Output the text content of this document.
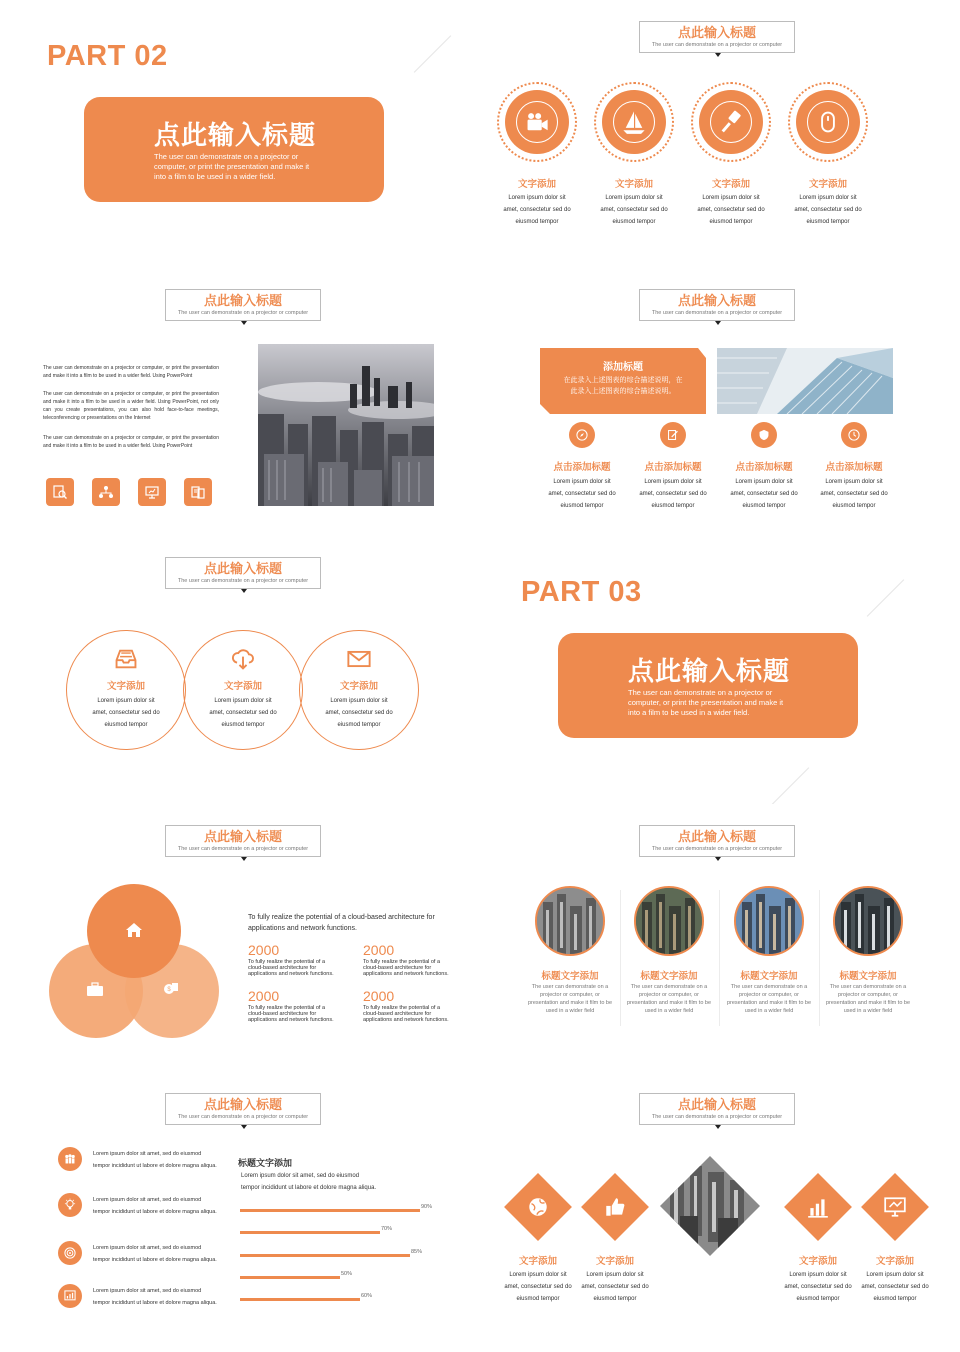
PART 02
点此输入标题
The user can demonstrate on a projector or computer, or print the presentation and make it into a film to be used in a wider field.
点此输入标题
The user can demonstrate on a projector or computer
文字添加
Lorem ipsum dolor sit
amet, consectetur sed do
eiusmod tempor
文字添加
Lorem ipsum dolor sit
amet, consectetur sed do
eiusmod tempor
文字添加
Lorem ipsum dolor sit
amet, consectetur sed do
eiusmod tempor
文字添加
Lorem ipsum dolor sit
amet, consectetur sed do
eiusmod tempor
点此输入标题
The user can demonstrate on a projector or computer
The user can demonstrate on a projector or computer, or print the presentation and make it into a film to be used in a wider field. Using PowerPoint
The user can demonstrate on a projector or computer, or print the presentation and make it into a film to be used in a wider field. Using PowerPoint, not only can you create presentations, you can also hold face-to-face meetings, teleconferencing or presentations on the Internet
The user can demonstrate on a projector or computer, or print the presentation and make it into a film to be used in a wider field. Using PowerPoint
点此输入标题
The user can demonstrate on a projector or computer
添加标题
在此录入上述图表的综合描述说明，在
此录入上述图表的综合描述说明。
点击添加标题
Lorem ipsum dolor sit
amet, consectetur sed do
eiusmod tempor
点击添加标题
Lorem ipsum dolor sit
amet, consectetur sed do
eiusmod tempor
点击添加标题
Lorem ipsum dolor sit
amet, consectetur sed do
eiusmod tempor
点击添加标题
Lorem ipsum dolor sit
amet, consectetur sed do
eiusmod tempor
点此输入标题
The user can demonstrate on a projector or computer
文字添加
Lorem ipsum dolor sit
amet, consectetur sed do
eiusmod tempor
文字添加
Lorem ipsum dolor sit
amet, consectetur sed do
eiusmod tempor
文字添加
Lorem ipsum dolor sit
amet, consectetur sed do
eiusmod tempor
PART 03
点此输入标题
The user can demonstrate on a projector or computer, or print the presentation and make it into a film to be used in a wider field.
点此输入标题
The user can demonstrate on a projector or computer
$
To fully realize the potential of a cloud-based architecture for applications and network functions.
2000
To fully realize the potential of a cloud-based architecture for applications and network functions.
2000
To fully realize the potential of a cloud-based architecture for applications and network functions.
2000
To fully realize the potential of a cloud-based architecture for applications and network functions.
2000
To fully realize the potential of a cloud-based architecture for applications and network functions.
点此输入标题
The user can demonstrate on a projector or computer
标题文字添加
The user can demonstrate on a projector or computer, or presentation and make it film to be used in a wider field
标题文字添加
The user can demonstrate on a projector or computer, or presentation and make it film to be used in a wider field
标题文字添加
The user can demonstrate on a projector or computer, or presentation and make it film to be used in a wider field
标题文字添加
The user can demonstrate on a projector or computer, or presentation and make it film to be used in a wider field
点此输入标题
The user can demonstrate on a projector or computer
Lorem ipsum dolor sit amet, sed do eiusmod
tempor incididunt ut labore et dolore magna aliqua.
Lorem ipsum dolor sit amet, sed do eiusmod
tempor incididunt ut labore et dolore magna aliqua.
Lorem ipsum dolor sit amet, sed do eiusmod
tempor incididunt ut labore et dolore magna aliqua.
Lorem ipsum dolor sit amet, sed do eiusmod
tempor incididunt ut labore et dolore magna aliqua.
标题文字添加
Lorem ipsum dolor sit amet, sed do eiusmod
tempor incididunt ut labore et dolore magna aliqua.
90%
70%
85%
50%
60%
点此输入标题
The user can demonstrate on a projector or computer
文字添加
Lorem ipsum dolor sit
amet, consectetur sed do
eiusmod tempor
文字添加
Lorem ipsum dolor sit
amet, consectetur sed do
eiusmod tempor
文字添加
Lorem ipsum dolor sit
amet, consectetur sed do
eiusmod tempor
文字添加
Lorem ipsum dolor sit
amet, consectetur sed do
eiusmod tempor
